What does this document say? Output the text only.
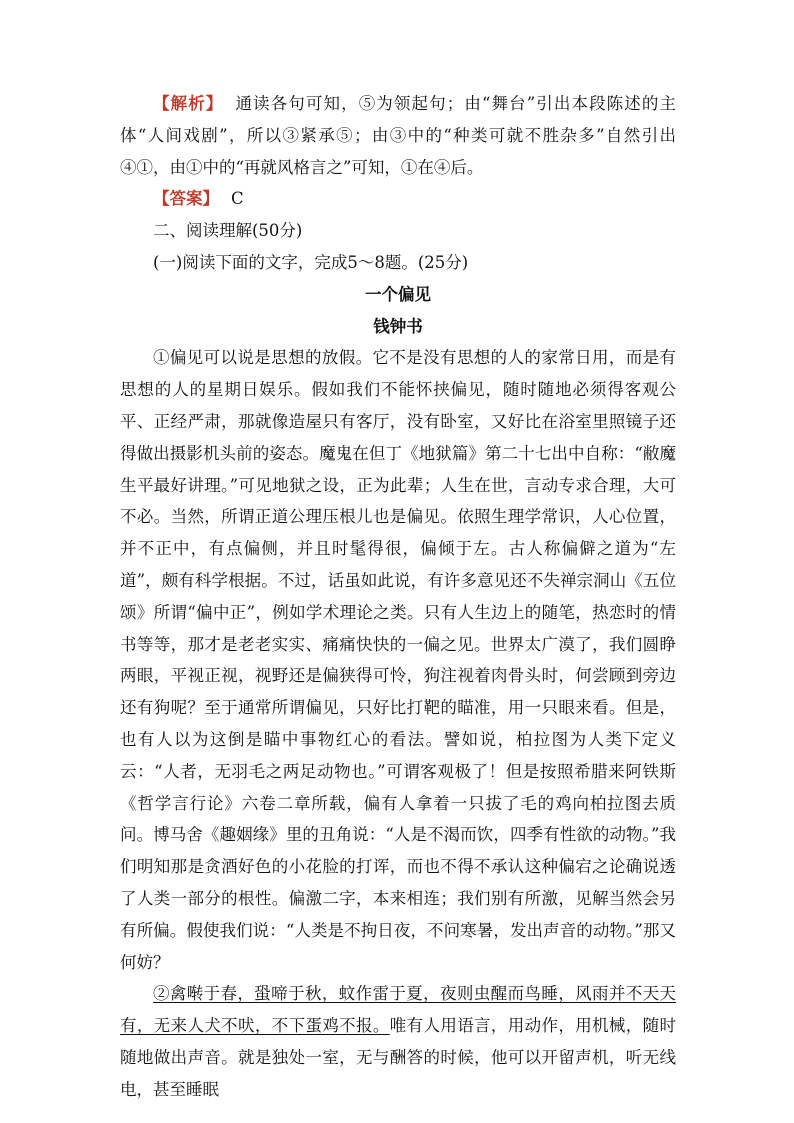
【解析】 通读各句可知，⑤为领起句；由“舞台”引出本段陈述的主体“人间戏剧”，所以③紧承⑤；由③中的“种类可就不胜杂多”自然引出④①，由①中的“再就风格言之”可知，①在④后。

【答案】 C

二、阅读理解(50分)

(一)阅读下面的文字，完成5～8题。(25分)

一个偏见

钱钟书

①偏见可以说是思想的放假。它不是没有思想的人的家常日用，而是有思想的人的星期日娱乐。假如我们不能怀挟偏见，随时随地必须得客观公平、正经严肃，那就像造屋只有客厅，没有卧室，又好比在浴室里照镜子还得做出摄影机头前的姿态。魔鬼在但丁《地狱篇》第二十七出中自称：“敝魔生平最好讲理。”可见地狱之设，正为此辈；人生在世，言动专求合理，大可不必。当然，所谓正道公理压根儿也是偏见。依照生理学常识，人心位置，并不正中，有点偏侧，并且时髦得很，偏倾于左。古人称偏僻之道为“左道”，颇有科学根据。不过，话虽如此说，有许多意见还不失禅宗洞山《五位颂》所谓“偏中正”，例如学术理论之类。只有人生边上的随笔，热恋时的情书等等，那才是老老实实、痛痛快快的一偏之见。世界太广漠了，我们圆睁两眼，平视正视，视野还是偏狭得可怜，狗注视着肉骨头时，何尝顾到旁边还有狗呢？至于通常所谓偏见，只好比打靶的瞄准，用一只眼来看。但是，也有人以为这倒是瞄中事物红心的看法。譬如说，柏拉图为人类下定义云：“人者，无羽毛之两足动物也。”可谓客观极了！但是按照希腊来阿铁斯《哲学言行论》六卷二章所载，偏有人拿着一只拔了毛的鸡向柏拉图去质问。博马舍《趣姻缘》里的丑角说：“人是不渴而饮，四季有性欲的动物。”我们明知那是贪酒好色的小花脸的打诨，而也不得不承认这种偏宕之论确说透了人类一部分的根性。偏激二字，本来相连；我们别有所激，见解当然会另有所偏。假使我们说：“人类是不拘日夜，不问寒暑，发出声音的动物。”那又何妨？

②禽啭于春，蛩啼于秋，蚊作雷于夏，夜则虫醒而鸟睡，风雨并不天天有，无来人犬不吠，不下蛋鸡不报。唯有人用语言，用动作，用机械，随时随地做出声音。就是独处一室，无与酬答的时候，他可以开留声机，听无线电，甚至睡眠
